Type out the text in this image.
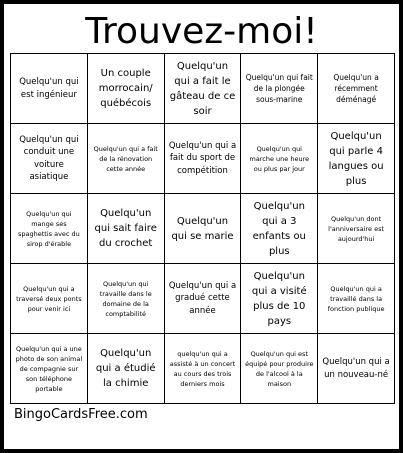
Trouvez-moi!
Quelqu'un qui est ingénieur
Un couple morrocain/ québécois
Quelqu'un qui a fait le gâteau de ce soir
Quelqu'un qui fait de la plongée sous-marine
Quelqu'un a récemment déménagé
Quelqu'un qui conduit une voiture asiatique
Quelqu'un qui a fait de la rénovation cette année
Quelqu'un qui a fait du sport de compétition
Quelqu'un qui marche une heure ou plus par jour
Quelqu'un qui parle 4 langues ou plus
Quelqu'un qui mange ses spaghettis avec du sirop d'érable
Quelqu'un qui sait faire du crochet
Quelqu'un qui se marie
Quelqu'un qui a 3 enfants ou plus
Quelqu'un dont l'anniversaire est aujourd'hui
Quelqu'un qui a traversé deux ponts pour venir ici
Quelqu'un qui travaille dans le domaine de la comptabilité
Quelqu'un qui a gradué cette année
Quelqu'un qui a visité plus de 10 pays
Quelqu'un qui a travaillé dans la fonction publique
Quelqu'un qui a une photo de son animal de compagnie sur son téléphone portable
Quelqu'un qui a étudié la chimie
quelqu'un qui a assisté à un concert au cours des trois derniers mois
Quelqu'un qui est équipé pour produire de l'alcool à la maison
Quelqu'un qui a un nouveau-né
BingoCardsFree.com
